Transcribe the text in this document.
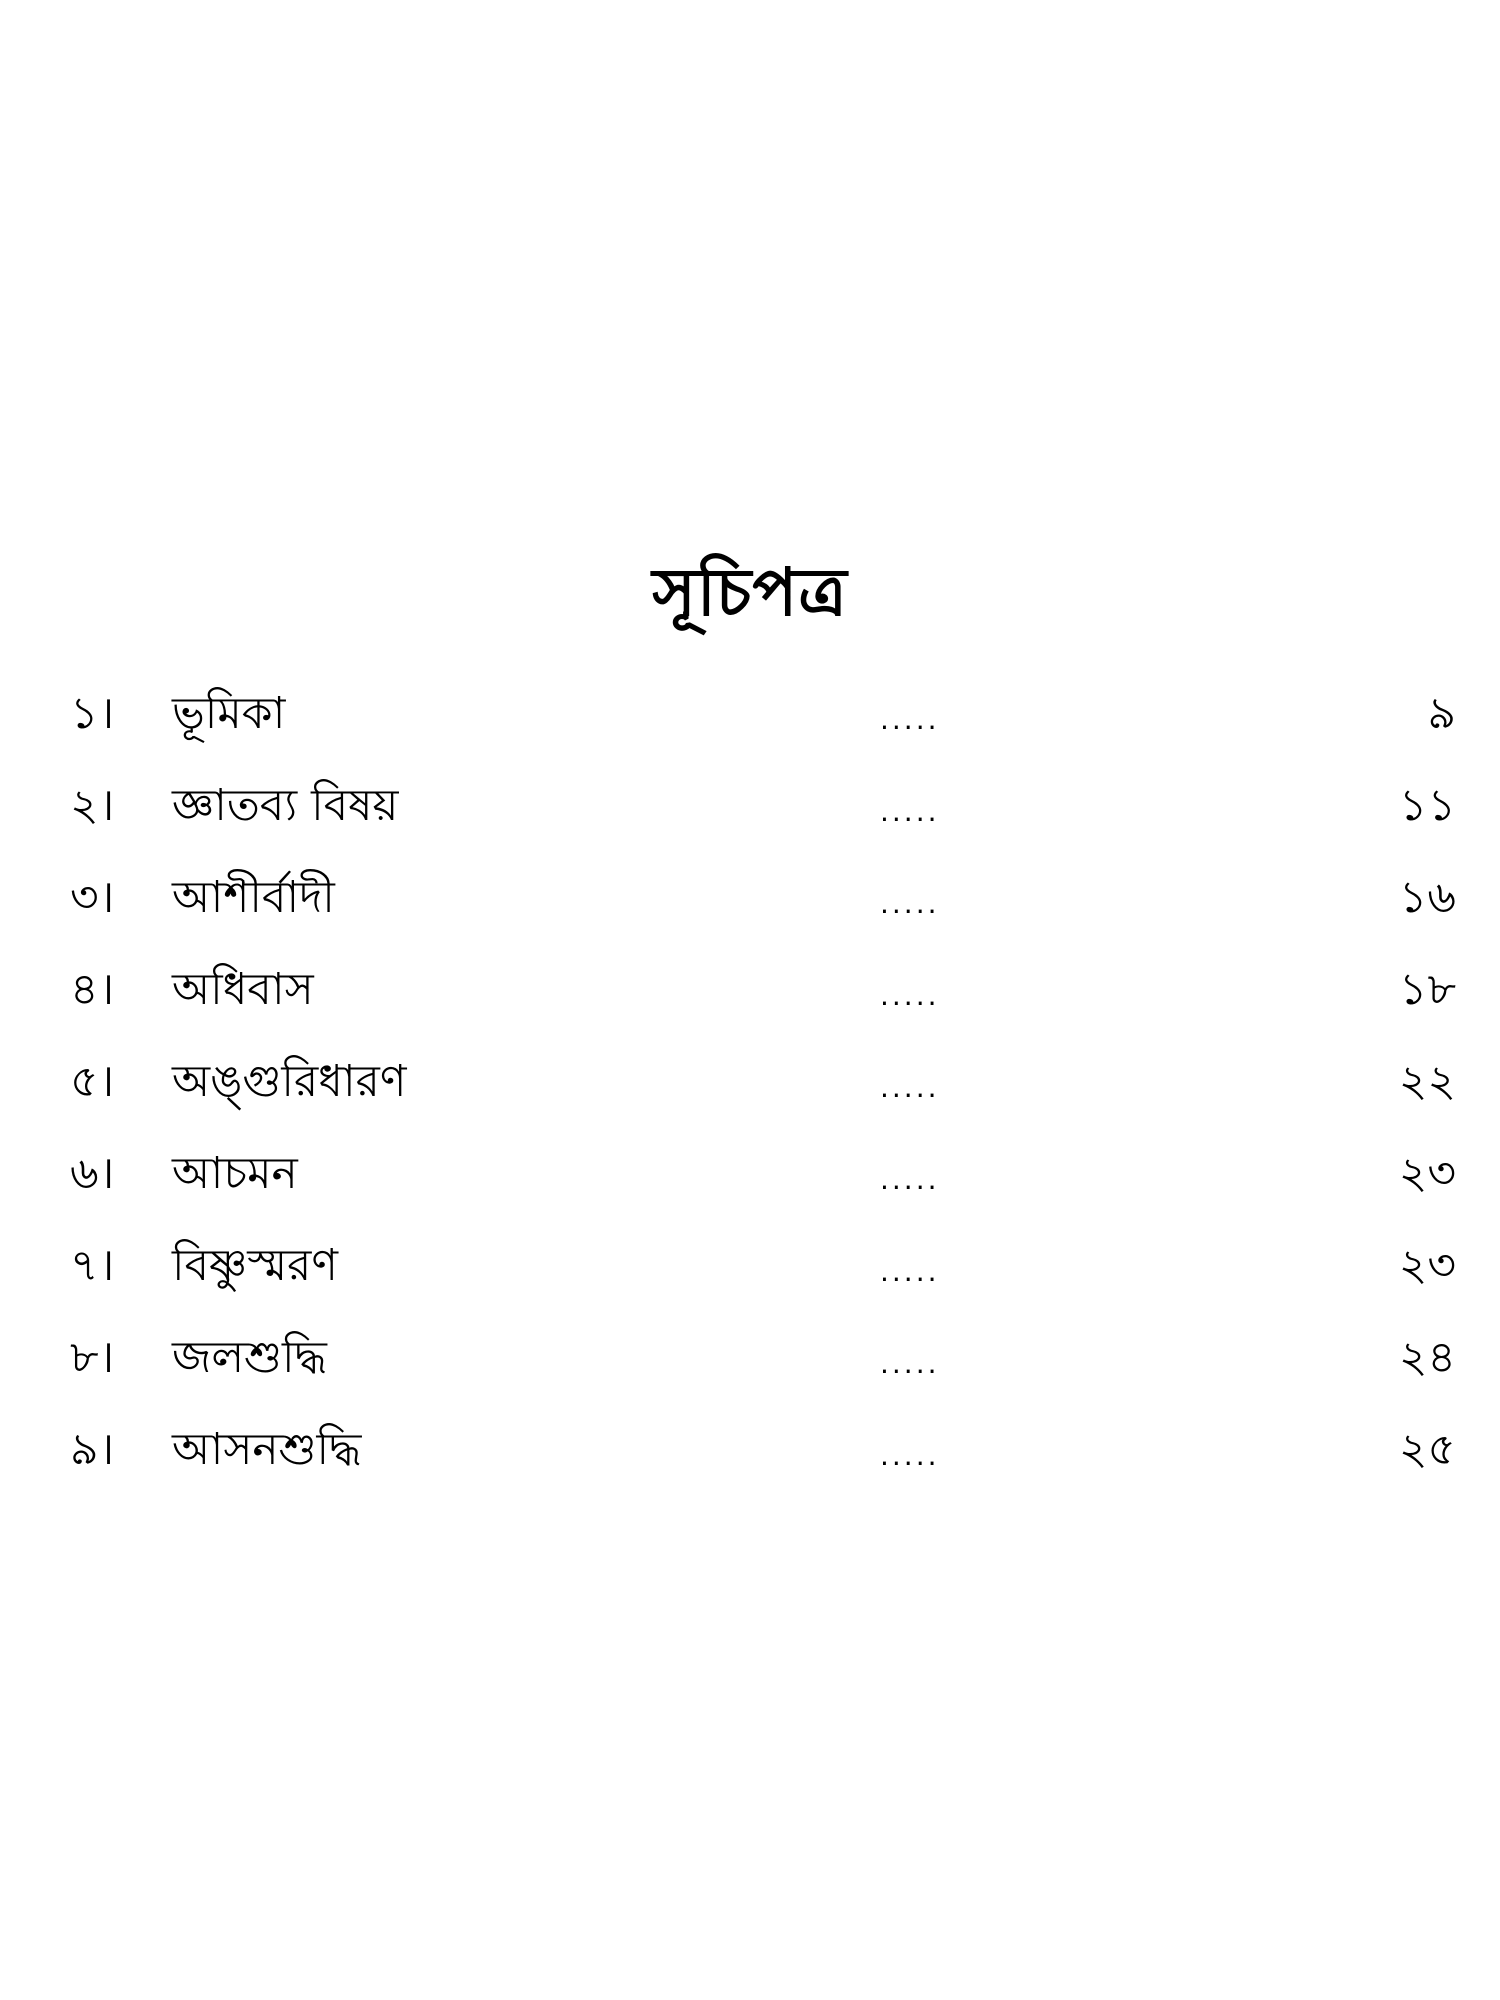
সূচিপত্র
১।	ভূমিকা	.....	৯
২।	জ্ঞাতব্য বিষয়	.....	১১
৩।	আশীর্বাদী	.....	১৬
৪।	অধিবাস	.....	১৮
৫।	অঙ্গুরিধারণ	.....	২২
৬।	আচমন	.....	২৩
৭।	বিষ্ণুস্মরণ	.....	২৩
৮।	জলশুদ্ধি	.....	২৪
৯।	আসনশুদ্ধি	.....	২৫
